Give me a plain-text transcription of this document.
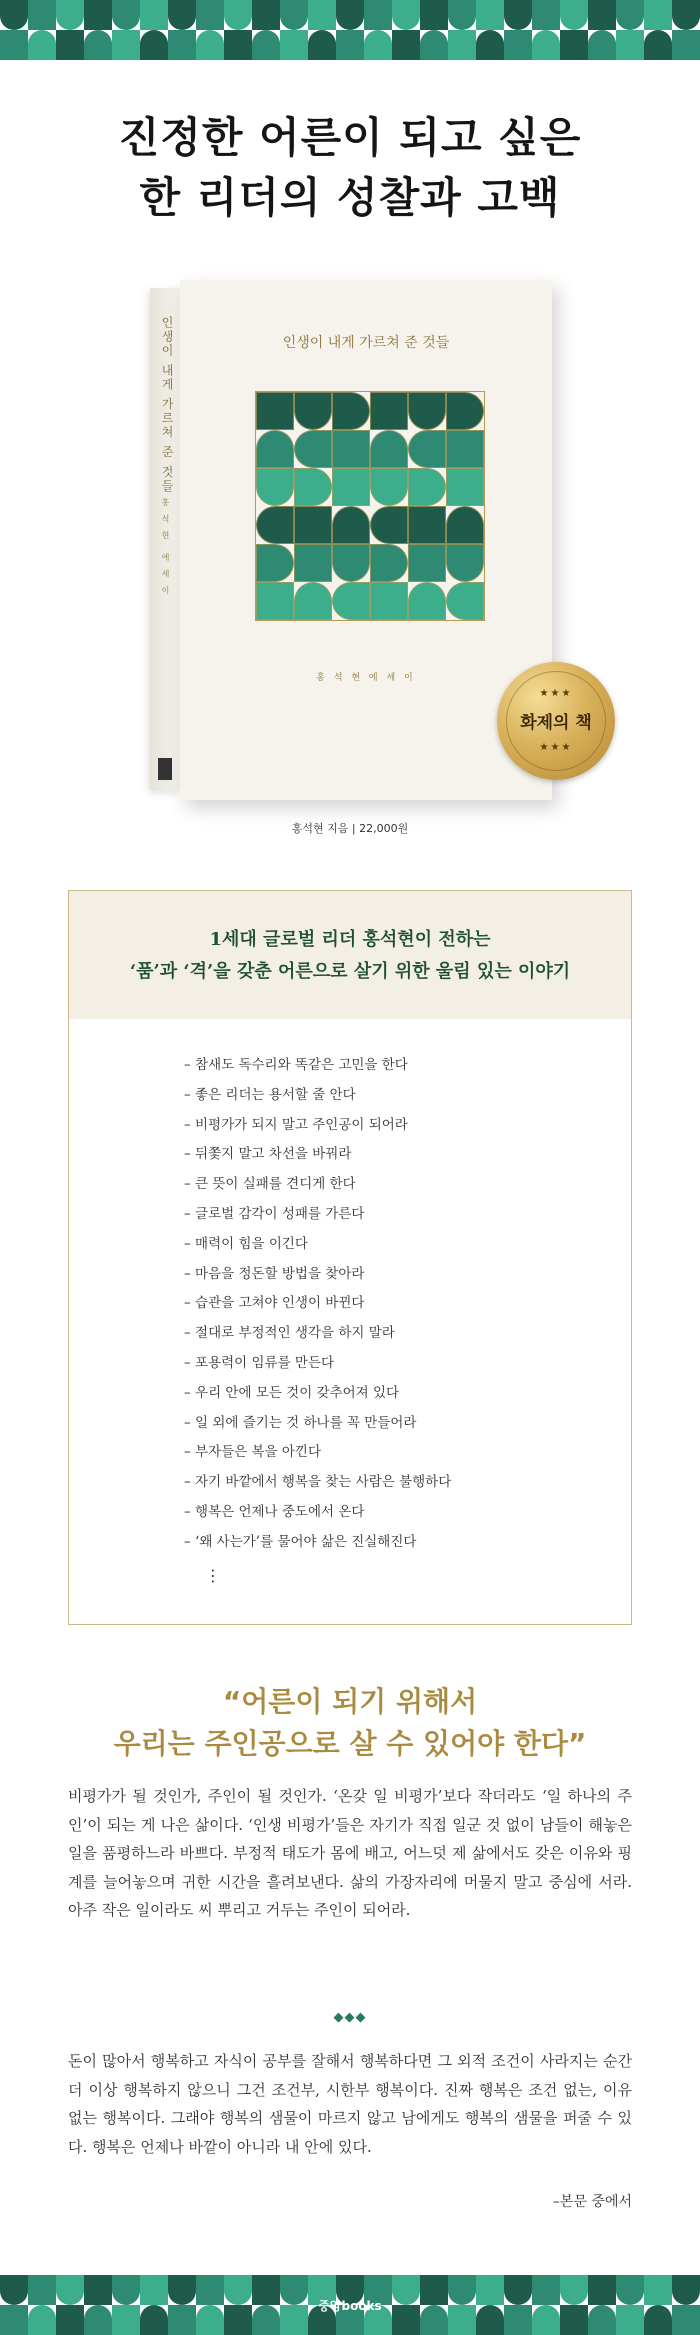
진정한 어른이 되고 싶은
한 리더의 성찰과 고백
인생이 내게 가르쳐 준 것들
홍 석 현
에 세 이
인생이 내게 가르쳐 준 것들
홍 석 현 에 세 이
★★★
화제의 책
★★★
홍석현 지음 | 22,000원
1세대 글로벌 리더 홍석현이 전하는
‘품’과 ‘격’을 갖춘 어른으로 살기 위한 울림 있는 이야기
– 참새도 독수리와 똑같은 고민을 한다
– 좋은 리더는 용서할 줄 안다
– 비평가가 되지 말고 주인공이 되어라
– 뒤쫓지 말고 차선을 바꿔라
– 큰 뜻이 실패를 견디게 한다
– 글로벌 감각이 성패를 가른다
– 매력이 힘을 이긴다
– 마음을 정돈할 방법을 찾아라
– 습관을 고쳐야 인생이 바뀐다
– 절대로 부정적인 생각을 하지 말라
– 포용력이 임류를 만든다
– 우리 안에 모든 것이 갖추어져 있다
– 일 외에 즐기는 것 하나를 꼭 만들어라
– 부자들은 복을 아낀다
– 자기 바깥에서 행복을 찾는 사람은 불행하다
– 행복은 언제나 중도에서 온다
– ‘왜 사는가’를 물어야 삶은 진실해진다
⋮
“어른이 되기 위해서
우리는 주인공으로 살 수 있어야 한다”

비평가가 될 것인가, 주인이 될 것인가. ‘온갖 일 비평가’보다 작더라도 ‘일 하나의 주인’이 되는 게 나은 삶이다. ‘인생 비평가’들은 자기가 직접 일군 것 없이 남들이 해놓은 일을 품평하느라 바쁘다. 부정적 태도가 몸에 배고, 어느덧 제 삶에서도 갖은 이유와 핑계를 늘어놓으며 귀한 시간을 흘려보낸다. 삶의 가장자리에 머물지 말고 중심에 서라. 아주 작은 일이라도 씨 뿌리고 거두는 주인이 되어라.

◆◆◆

돈이 많아서 행복하고 자식이 공부를 잘해서 행복하다면 그 외적 조건이 사라지는 순간 더 이상 행복하지 않으니 그건 조건부, 시한부 행복이다. 진짜 행복은 조건 없는, 이유 없는 행복이다. 그래야 행복의 샘물이 마르지 않고 남에게도 행복의 샘물을 퍼줄 수 있다. 행복은 언제나 바깥이 아니라 내 안에 있다.

–본문 중에서
중앙books
